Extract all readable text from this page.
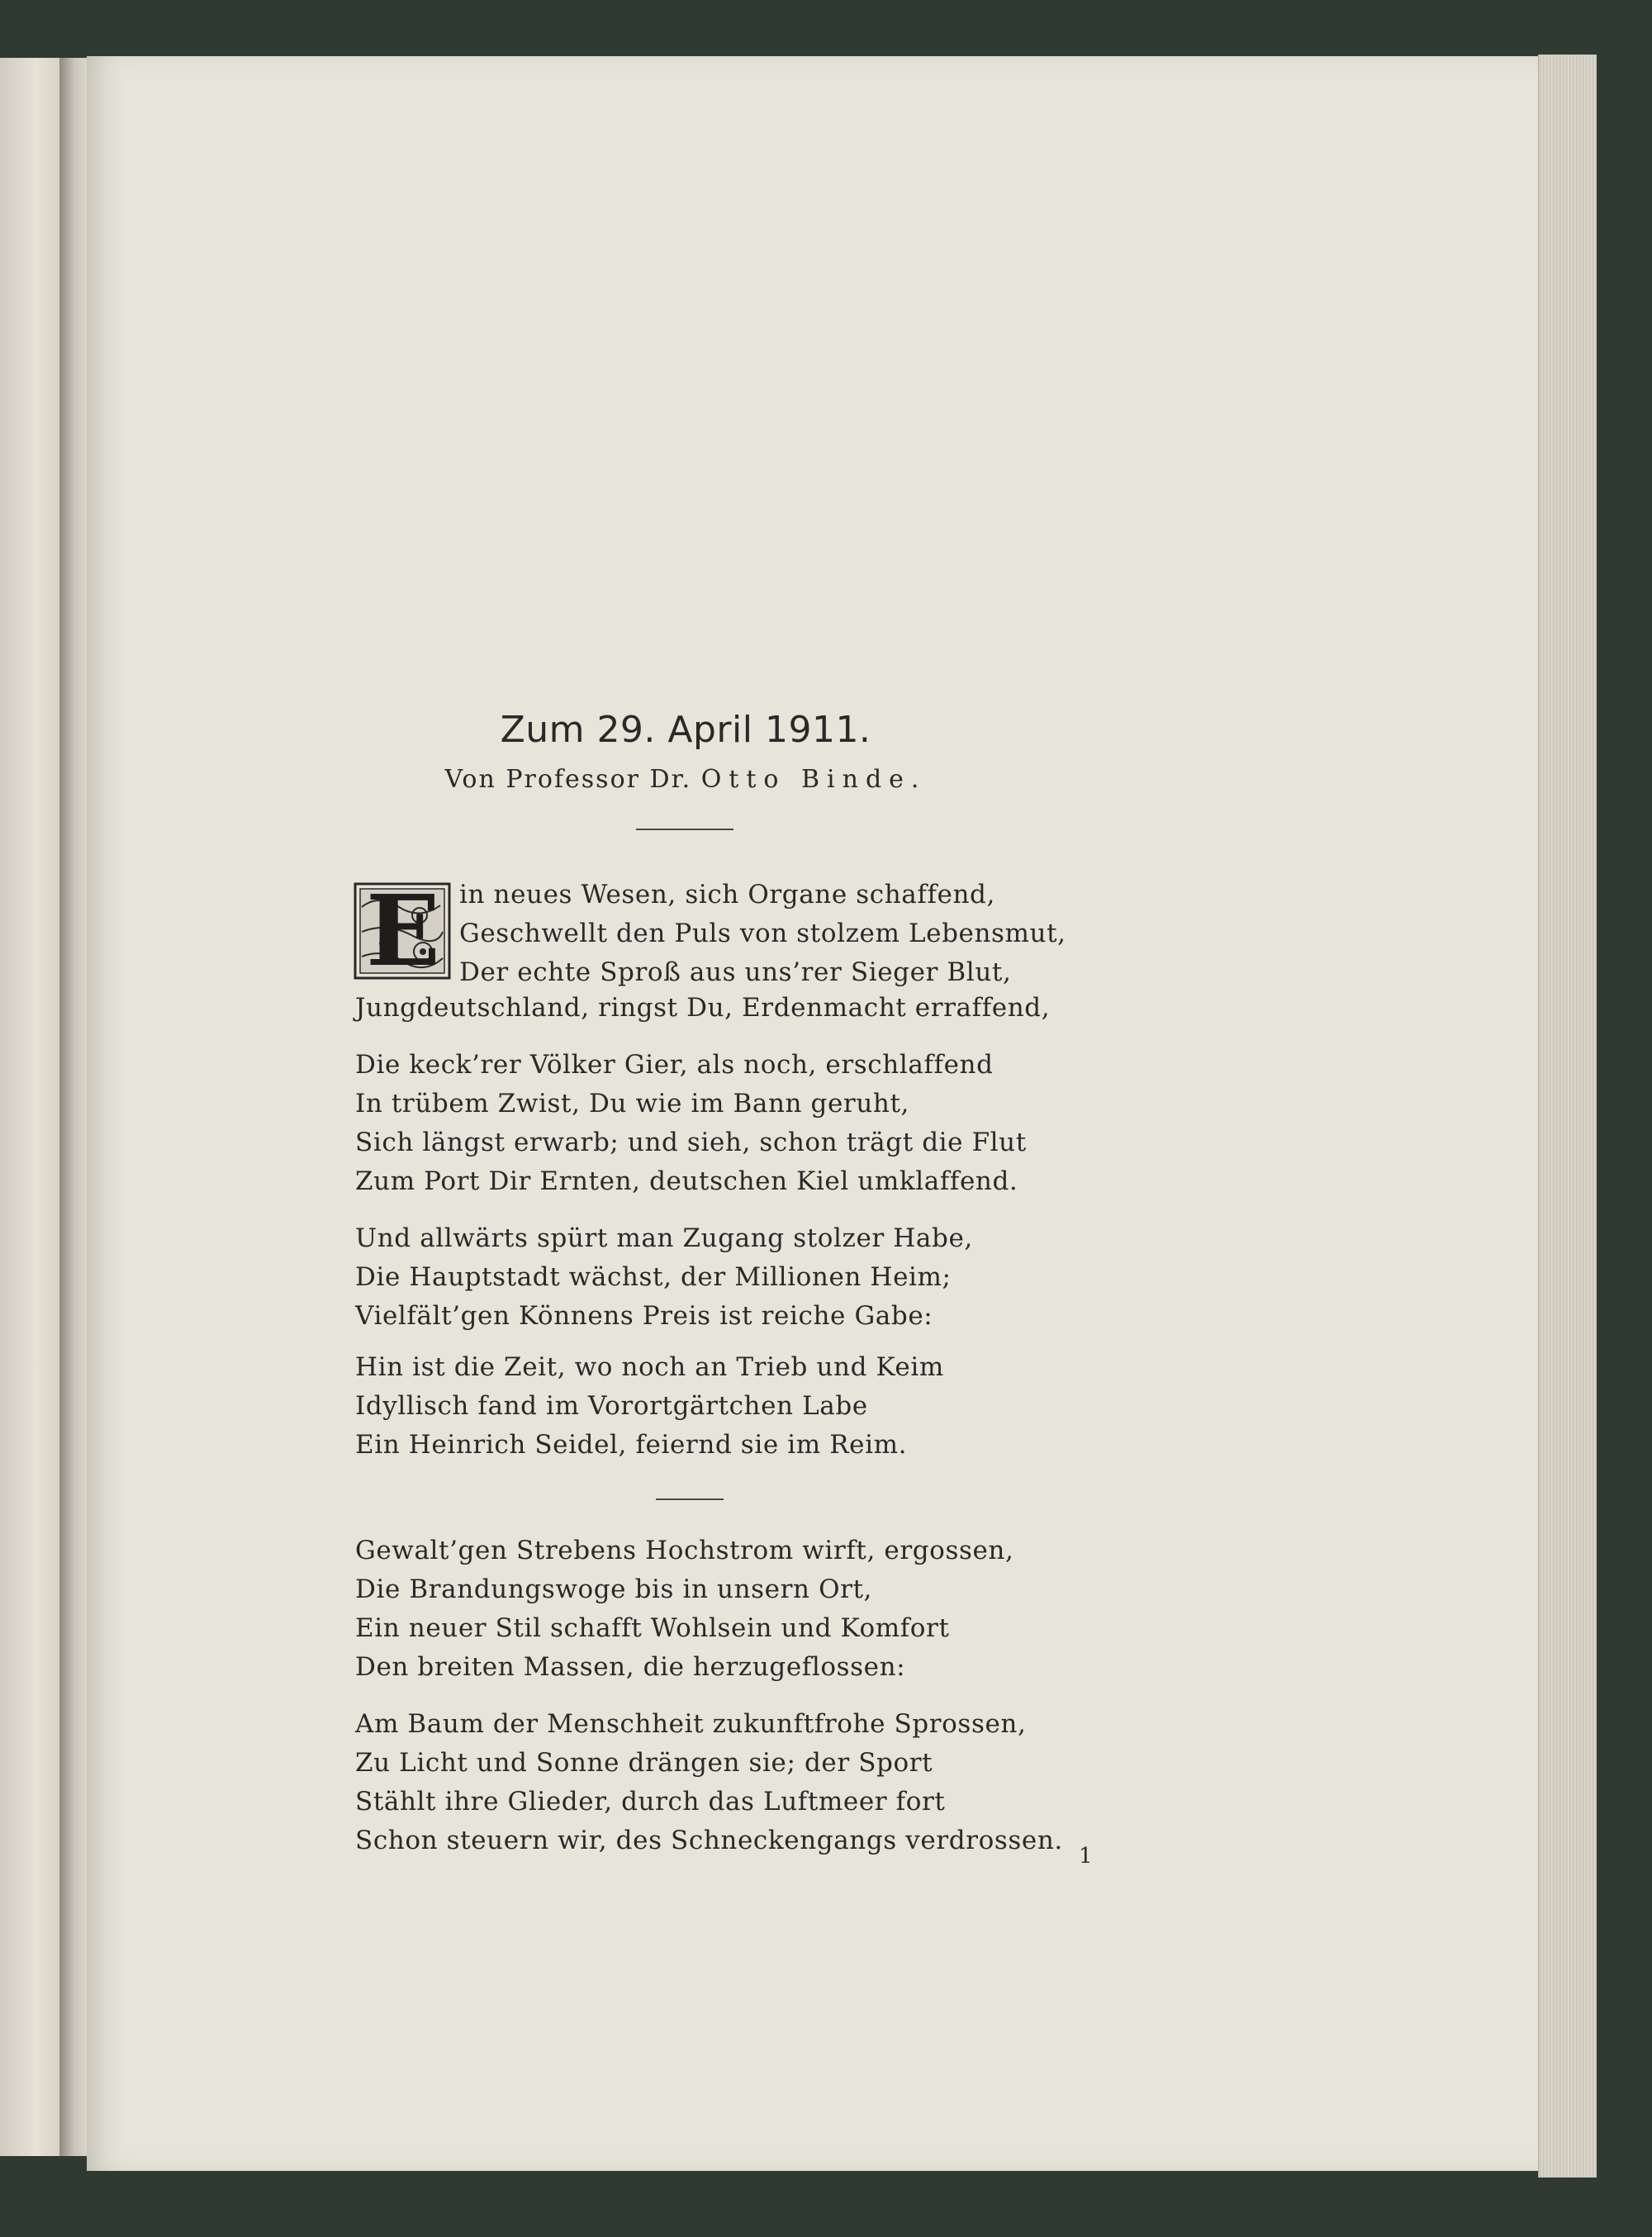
Zum 29. April 1911.
Von Professor Dr. Otto Binde.
E in neues Wesen, sich Organe schaffend,
Geschwellt den Puls von stolzem Lebensmut,
Der echte Sproß aus uns’rer Sieger Blut,
Jungdeutschland, ringst Du, Erdenmacht erraffend,
Die keck’rer Völker Gier, als noch, erschlaffend
In trübem Zwist, Du wie im Bann geruht,
Sich längst erwarb; und sieh, schon trägt die Flut
Zum Port Dir Ernten, deutschen Kiel umklaffend.
Und allwärts spürt man Zugang stolzer Habe,
Die Hauptstadt wächst, der Millionen Heim;
Vielfält’gen Könnens Preis ist reiche Gabe:
Hin ist die Zeit, wo noch an Trieb und Keim
Idyllisch fand im Vorortgärtchen Labe
Ein Heinrich Seidel, feiernd sie im Reim.
Gewalt’gen Strebens Hochstrom wirft, ergossen,
Die Brandungswoge bis in unsern Ort,
Ein neuer Stil schafft Wohlsein und Komfort
Den breiten Massen, die herzugeflossen:
Am Baum der Menschheit zukunftfrohe Sprossen,
Zu Licht und Sonne drängen sie; der Sport
Stählt ihre Glieder, durch das Luftmeer fort
Schon steuern wir, des Schneckengangs verdrossen.
1
